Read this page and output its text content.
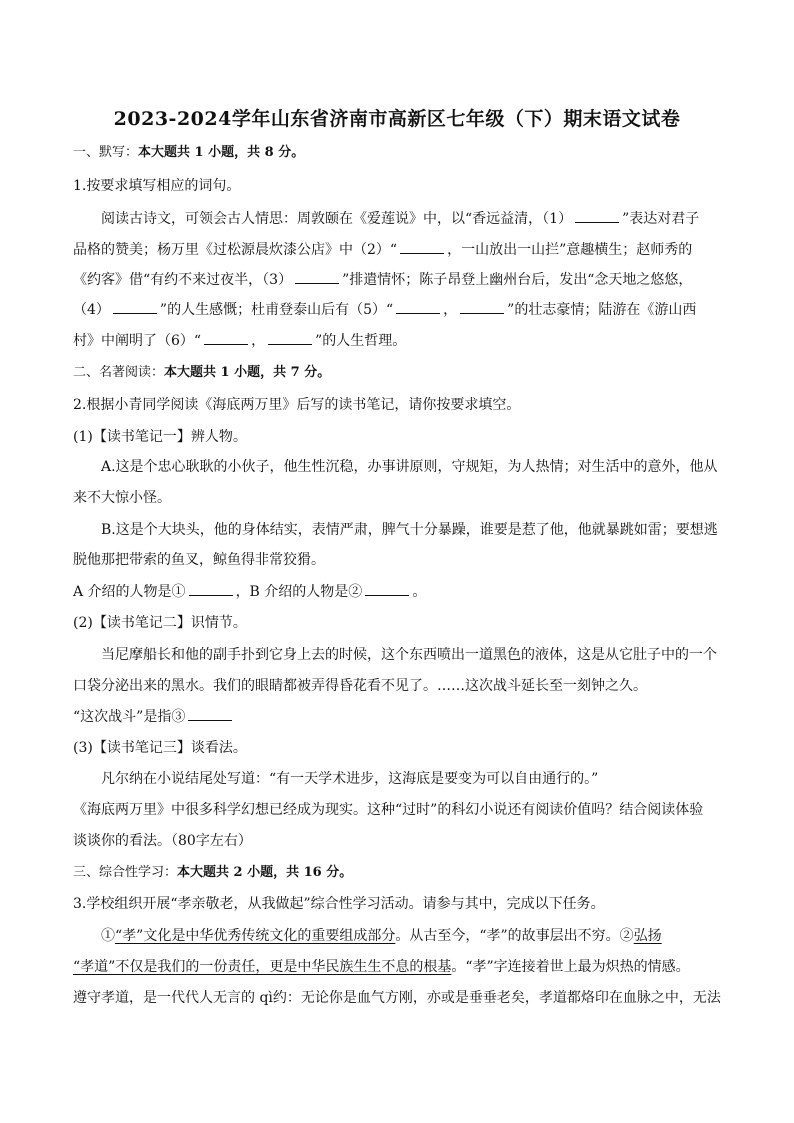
2023-2024学年山东省济南市高新区七年级（下）期末语文试卷
一、默写：本大题共 1 小题，共 8 分。
1.按要求填写相应的词句。
阅读古诗文，可领会古人情思：周敦颐在《爱莲说》中，以“香远益清，（1）	”表达对君子
品格的赞美；杨万里《过松源晨炊漆公店》中（2）“	，一山放出一山拦”意趣横生；赵师秀的
《约客》借“有约不来过夜半，（3）	”排遣情怀；陈子昂登上幽州台后，发出“念天地之悠悠，
（4）	”的人生感慨；杜甫登泰山后有（5）“	，	”的壮志豪情；陆游在《游山西
村》中阐明了（6）“	，	”的人生哲理。
二、名著阅读：本大题共 1 小题，共 7 分。
2.根据小青同学阅读《海底两万里》后写的读书笔记，请你按要求填空。
(1)【读书笔记一】辨人物。
A.这是个忠心耿耿的小伙子，他生性沉稳，办事讲原则，守规矩，为人热情；对生活中的意外，他从
来不大惊小怪。
B.这是个大块头，他的身体结实，表情严肃，脾气十分暴躁，谁要是惹了他，他就暴跳如雷；要想逃
脱他那把带索的鱼叉，鲸鱼得非常狡猾。
A 介绍的人物是①	，B 介绍的人物是②	。
(2)【读书笔记二】识情节。
当尼摩船长和他的副手扑到它身上去的时候，这个东西喷出一道黑色的液体，这是从它肚子中的一个
口袋分泌出来的黑水。我们的眼睛都被弄得昏花看不见了。……这次战斗延长至一刻钟之久。
“这次战斗”是指③
(3)【读书笔记三】谈看法。
凡尔纳在小说结尾处写道：“有一天学术进步，这海底是要变为可以自由通行的。”
《海底两万里》中很多科学幻想已经成为现实。这种“过时”的科幻小说还有阅读价值吗？结合阅读体验
谈谈你的看法。（80字左右）
三、综合性学习：本大题共 2 小题，共 16 分。
3.学校组织开展“孝亲敬老，从我做起”综合性学习活动。请参与其中，完成以下任务。
①“孝”文化是中华优秀传统文化的重要组成部分。从古至今，“孝”的故事层出不穷。②弘扬
“孝道”不仅是我们的一份责任，更是中华民族生生不息的根基。“孝”字连接着世上最为炽热的情感。
遵守孝道，是一代代人无言的 qì约：无论你是血气方刚，亦或是垂垂老矣，孝道都烙印在血脉之中，无法
